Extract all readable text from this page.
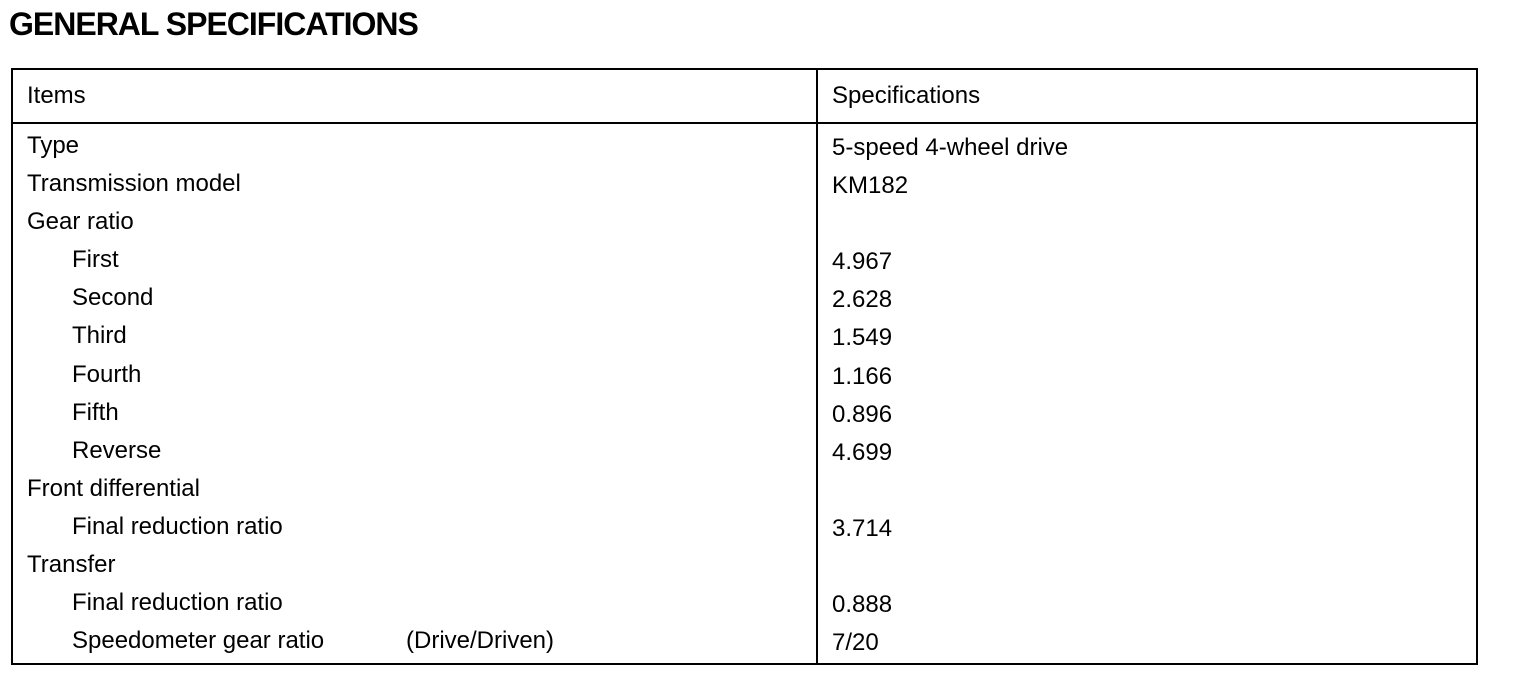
GENERAL SPECIFICATIONS
Items	Specifications
Type	5-speed 4-wheel drive
Transmission model	KM182
Gear ratio
First	4.967
Second	2.628
Third	1.549
Fourth	1.166
Fifth	0.896
Reverse	4.699
Front differential
Final reduction ratio	3.714
Transfer
Final reduction ratio	0.888
Speedometer gear ratio	(Drive/Driven)	7/20
